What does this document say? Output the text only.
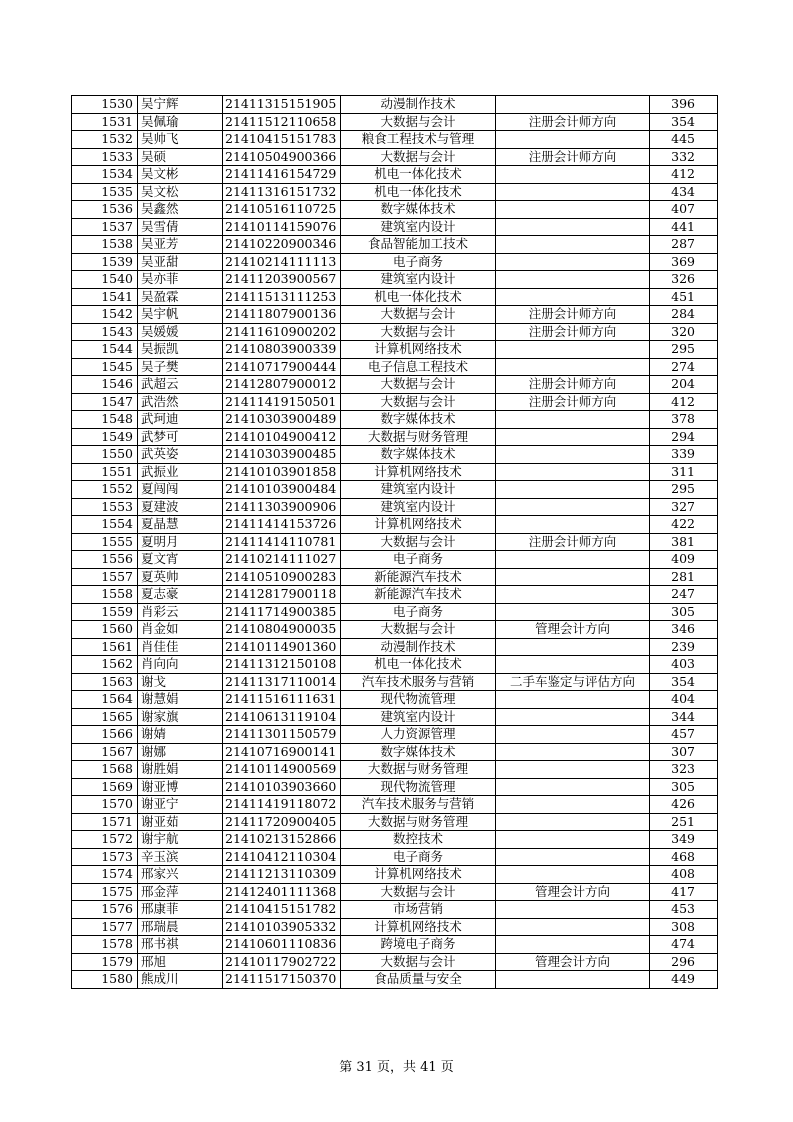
1530	吴宁辉	21411315151905	动漫制作技术		396
1531	吴佩瑜	21411512110658	大数据与会计	注册会计师方向	354
1532	吴帅飞	21410415151783	粮食工程技术与管理		445
1533	吴硕	21410504900366	大数据与会计	注册会计师方向	332
1534	吴文彬	21411416154729	机电一体化技术		412
1535	吴文松	21411316151732	机电一体化技术		434
1536	吴鑫然	21410516110725	数字媒体技术		407
1537	吴雪倩	21410114159076	建筑室内设计		441
1538	吴亚芳	21410220900346	食品智能加工技术		287
1539	吴亚甜	21410214111113	电子商务		369
1540	吴亦菲	21411203900567	建筑室内设计		326
1541	吴盈霖	21411513111253	机电一体化技术		451
1542	吴宇帆	21411807900136	大数据与会计	注册会计师方向	284
1543	吴媛媛	21411610900202	大数据与会计	注册会计师方向	320
1544	吴振凯	21410803900339	计算机网络技术		295
1545	吴子樊	21410717900444	电子信息工程技术		274
1546	武超云	21412807900012	大数据与会计	注册会计师方向	204
1547	武浩然	21411419150501	大数据与会计	注册会计师方向	412
1548	武珂迪	21410303900489	数字媒体技术		378
1549	武梦可	21410104900412	大数据与财务管理		294
1550	武英姿	21410303900485	数字媒体技术		339
1551	武振业	21410103901858	计算机网络技术		311
1552	夏闯闯	21410103900484	建筑室内设计		295
1553	夏建波	21411303900906	建筑室内设计		327
1554	夏晶慧	21411414153726	计算机网络技术		422
1555	夏明月	21411414110781	大数据与会计	注册会计师方向	381
1556	夏文宵	21410214111027	电子商务		409
1557	夏英帅	21410510900283	新能源汽车技术		281
1558	夏志豪	21412817900118	新能源汽车技术		247
1559	肖彩云	21411714900385	电子商务		305
1560	肖金如	21410804900035	大数据与会计	管理会计方向	346
1561	肖佳佳	21410114901360	动漫制作技术		239
1562	肖向向	21411312150108	机电一体化技术		403
1563	谢戈	21411317110014	汽车技术服务与营销	二手车鉴定与评估方向	354
1564	谢慧娟	21411516111631	现代物流管理		404
1565	谢家旗	21410613119104	建筑室内设计		344
1566	谢婧	21411301150579	人力资源管理		457
1567	谢娜	21410716900141	数字媒体技术		307
1568	谢胜娟	21410114900569	大数据与财务管理		323
1569	谢亚博	21410103903660	现代物流管理		305
1570	谢亚宁	21411419118072	汽车技术服务与营销		426
1571	谢亚茹	21411720900405	大数据与财务管理		251
1572	谢宇航	21410213152866	数控技术		349
1573	辛玉滨	21410412110304	电子商务		468
1574	邢家兴	21411213110309	计算机网络技术		408
1575	邢金萍	21412401111368	大数据与会计	管理会计方向	417
1576	邢康菲	21410415151782	市场营销		453
1577	邢瑞晨	21410103905332	计算机网络技术		308
1578	邢书祺	21410601110836	跨境电子商务		474
1579	邢旭	21410117902722	大数据与会计	管理会计方向	296
1580	熊成川	21411517150370	食品质量与安全		449
第 31 页，共 41 页
